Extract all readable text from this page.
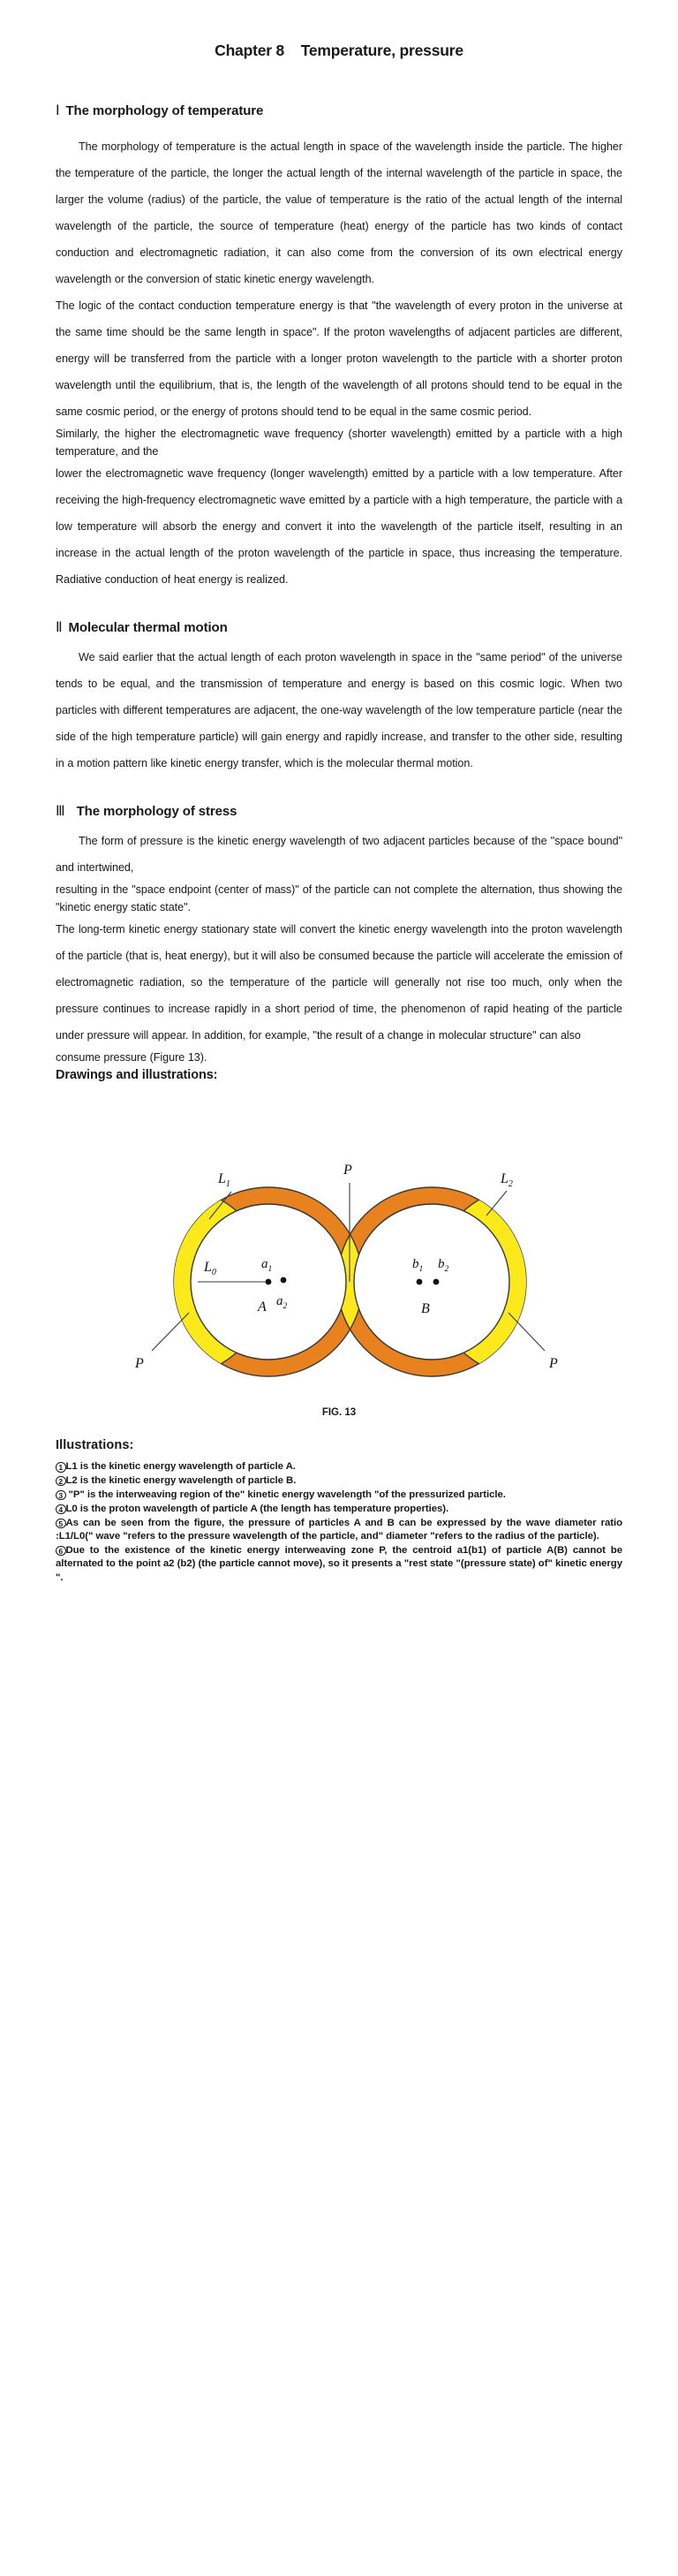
Chapter 8    Temperature, pressure
Ⅰ The morphology of temperature

The morphology of temperature is the actual length in space of the wavelength inside the particle. The higher the temperature of the particle, the longer the actual length of the internal wavelength of the particle in space, the larger the volume (radius) of the particle, the value of temperature is the ratio of the actual length of the internal wavelength of the particle, the source of temperature (heat) energy of the particle has two kinds of contact conduction and electromagnetic radiation, it can also come from the conversion of its own electrical energy wavelength or the conversion of static kinetic energy wavelength.

The logic of the contact conduction temperature energy is that "the wavelength of every proton in the universe at the same time should be the same length in space". If the proton wavelengths of adjacent particles are different, energy will be transferred from the particle with a longer proton wavelength to the particle with a shorter proton wavelength until the equilibrium, that is, the length of the wavelength of all protons should tend to be equal in the same cosmic period, or the energy of protons should tend to be equal in the same cosmic period.

Similarly, the higher the electromagnetic wave frequency (shorter wavelength) emitted by a particle with a high temperature, and the

lower the electromagnetic wave frequency (longer wavelength) emitted by a particle with a low temperature. After receiving the high-frequency electromagnetic wave emitted by a particle with a high temperature, the particle with a low temperature will absorb the energy and convert it into the wavelength of the particle itself, resulting in an increase in the actual length of the proton wavelength of the particle in space, thus increasing the temperature. Radiative conduction of heat energy is realized.

Ⅱ Molecular thermal motion

We said earlier that the actual length of each proton wavelength in space in the "same period" of the universe tends to be equal, and the transmission of temperature and energy is based on this cosmic logic. When two particles with different temperatures are adjacent, the one-way wavelength of the low temperature particle (near the side of the high temperature particle) will gain energy and rapidly increase, and transfer to the other side, resulting in a motion pattern like kinetic energy transfer, which is the molecular thermal motion.

Ⅲ The morphology of stress

The form of pressure is the kinetic energy wavelength of two adjacent particles because of the "space bound" and intertwined,

resulting in the "space endpoint (center of mass)" of the particle can not complete the alternation, thus showing the "kinetic energy static state".

The long-term kinetic energy stationary state will convert the kinetic energy wavelength into the proton wavelength of the particle (that is, heat energy), but it will also be consumed because the particle will accelerate the emission of electromagnetic radiation, so the temperature of the particle will generally not rise too much, only when the pressure continues to increase rapidly in a short period of time, the phenomenon of rapid heating of the particle under pressure will appear. In addition, for example, "the result of a change in molecular structure" can also

consume pressure (Figure 13).

Drawings and illustrations:
$L_1$
P
$L_2$
P	P
$L_0$
$a_1$
$a_2$
A
$b_1$ $b_2$
B
FIG. 13
Illustrations:

1 L1 is the kinetic energy wavelength of particle A.

2 L2 is the kinetic energy wavelength of particle B.

3 "P" is the interweaving region of the" kinetic energy wavelength "of the pressurized particle.

4 L0 is the proton wavelength of particle A (the length has temperature properties).

5 As can be seen from the figure, the pressure of particles A and B can be expressed by the wave diameter ratio :L1/L0(" wave "refers to the pressure wavelength of the particle, and" diameter "refers to the radius of the particle).

6 Due to the existence of the kinetic energy interweaving zone P, the centroid a1(b1) of particle A(B) cannot be alternated to the point a2 (b2) (the particle cannot move), so it presents a "rest state "(pressure state) of" kinetic energy ".
